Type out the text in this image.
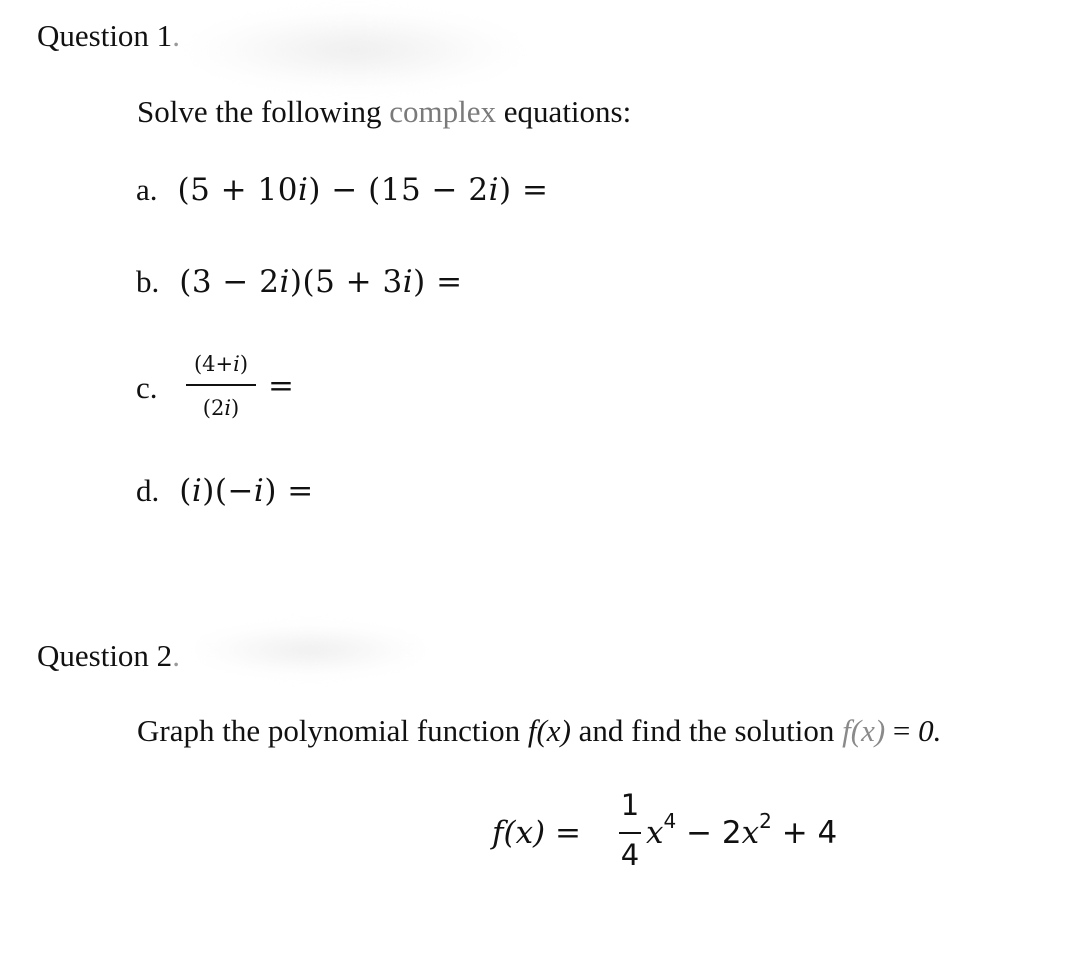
Question 1.
Solve the following complex equations:
a. (5 + 10𝑖) − (15 − 2𝑖) =
b. (3 − 2𝑖)(5 + 3𝑖) =
c.
(4+𝑖)
(2𝑖)
=
d. (𝑖)(−𝑖) =
Question 2.
Graph the polynomial function f(x) and find the solution f(x) = 0.
𝑓(𝑥) =
1
4
𝑥$^4$ − 2𝑥$^2$ + 4
